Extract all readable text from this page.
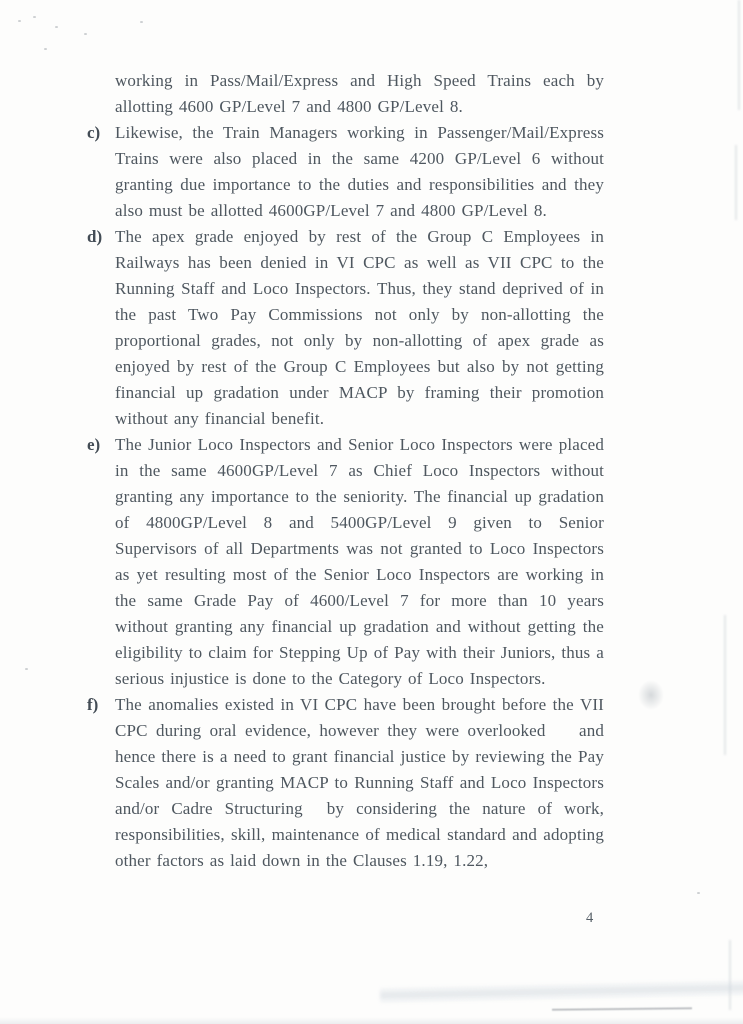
working in Pass/Mail/Express and High Speed Trains each by allotting 4600 GP/Level 7 and 4800 GP/Level 8.

c) Likewise, the Train Managers working in Passenger/Mail/Express Trains were also placed in the same 4200 GP/Level 6 without granting due importance to the duties and responsibilities and they also must be allotted 4600GP/Level 7 and 4800 GP/Level 8.

d) The apex grade enjoyed by rest of the Group C Employees in Railways has been denied in VI CPC as well as VII CPC to the Running Staff and Loco Inspectors. Thus, they stand deprived of in the past Two Pay Commissions not only by non-allotting the proportional grades, not only by non-allotting of apex grade as enjoyed by rest of the Group C Employees but also by not getting financial up gradation under MACP by framing their promotion without any financial benefit.

e) The Junior Loco Inspectors and Senior Loco Inspectors were placed in the same 4600GP/Level 7 as Chief Loco Inspectors without granting any importance to the seniority. The financial up gradation of 4800GP/Level 8 and 5400GP/Level 9 given to Senior Supervisors of all Departments was not granted to Loco Inspectors as yet resulting most of the Senior Loco Inspectors are working in the same Grade Pay of 4600/Level 7 for more than 10 years without granting any financial up gradation and without getting the eligibility to claim for Stepping Up of Pay with their Juniors, thus a serious injustice is done to the Category of Loco Inspectors.

f) The anomalies existed in VI CPC have been brought before the VII CPC during oral evidence, however they were overlooked    and hence there is a need to grant financial justice by reviewing the Pay Scales and/or granting MACP to Running Staff and Loco Inspectors and/or Cadre Structuring  by considering the nature of work, responsibilities, skill, maintenance of medical standard and adopting other factors as laid down in the Clauses 1.19, 1.22,

4
